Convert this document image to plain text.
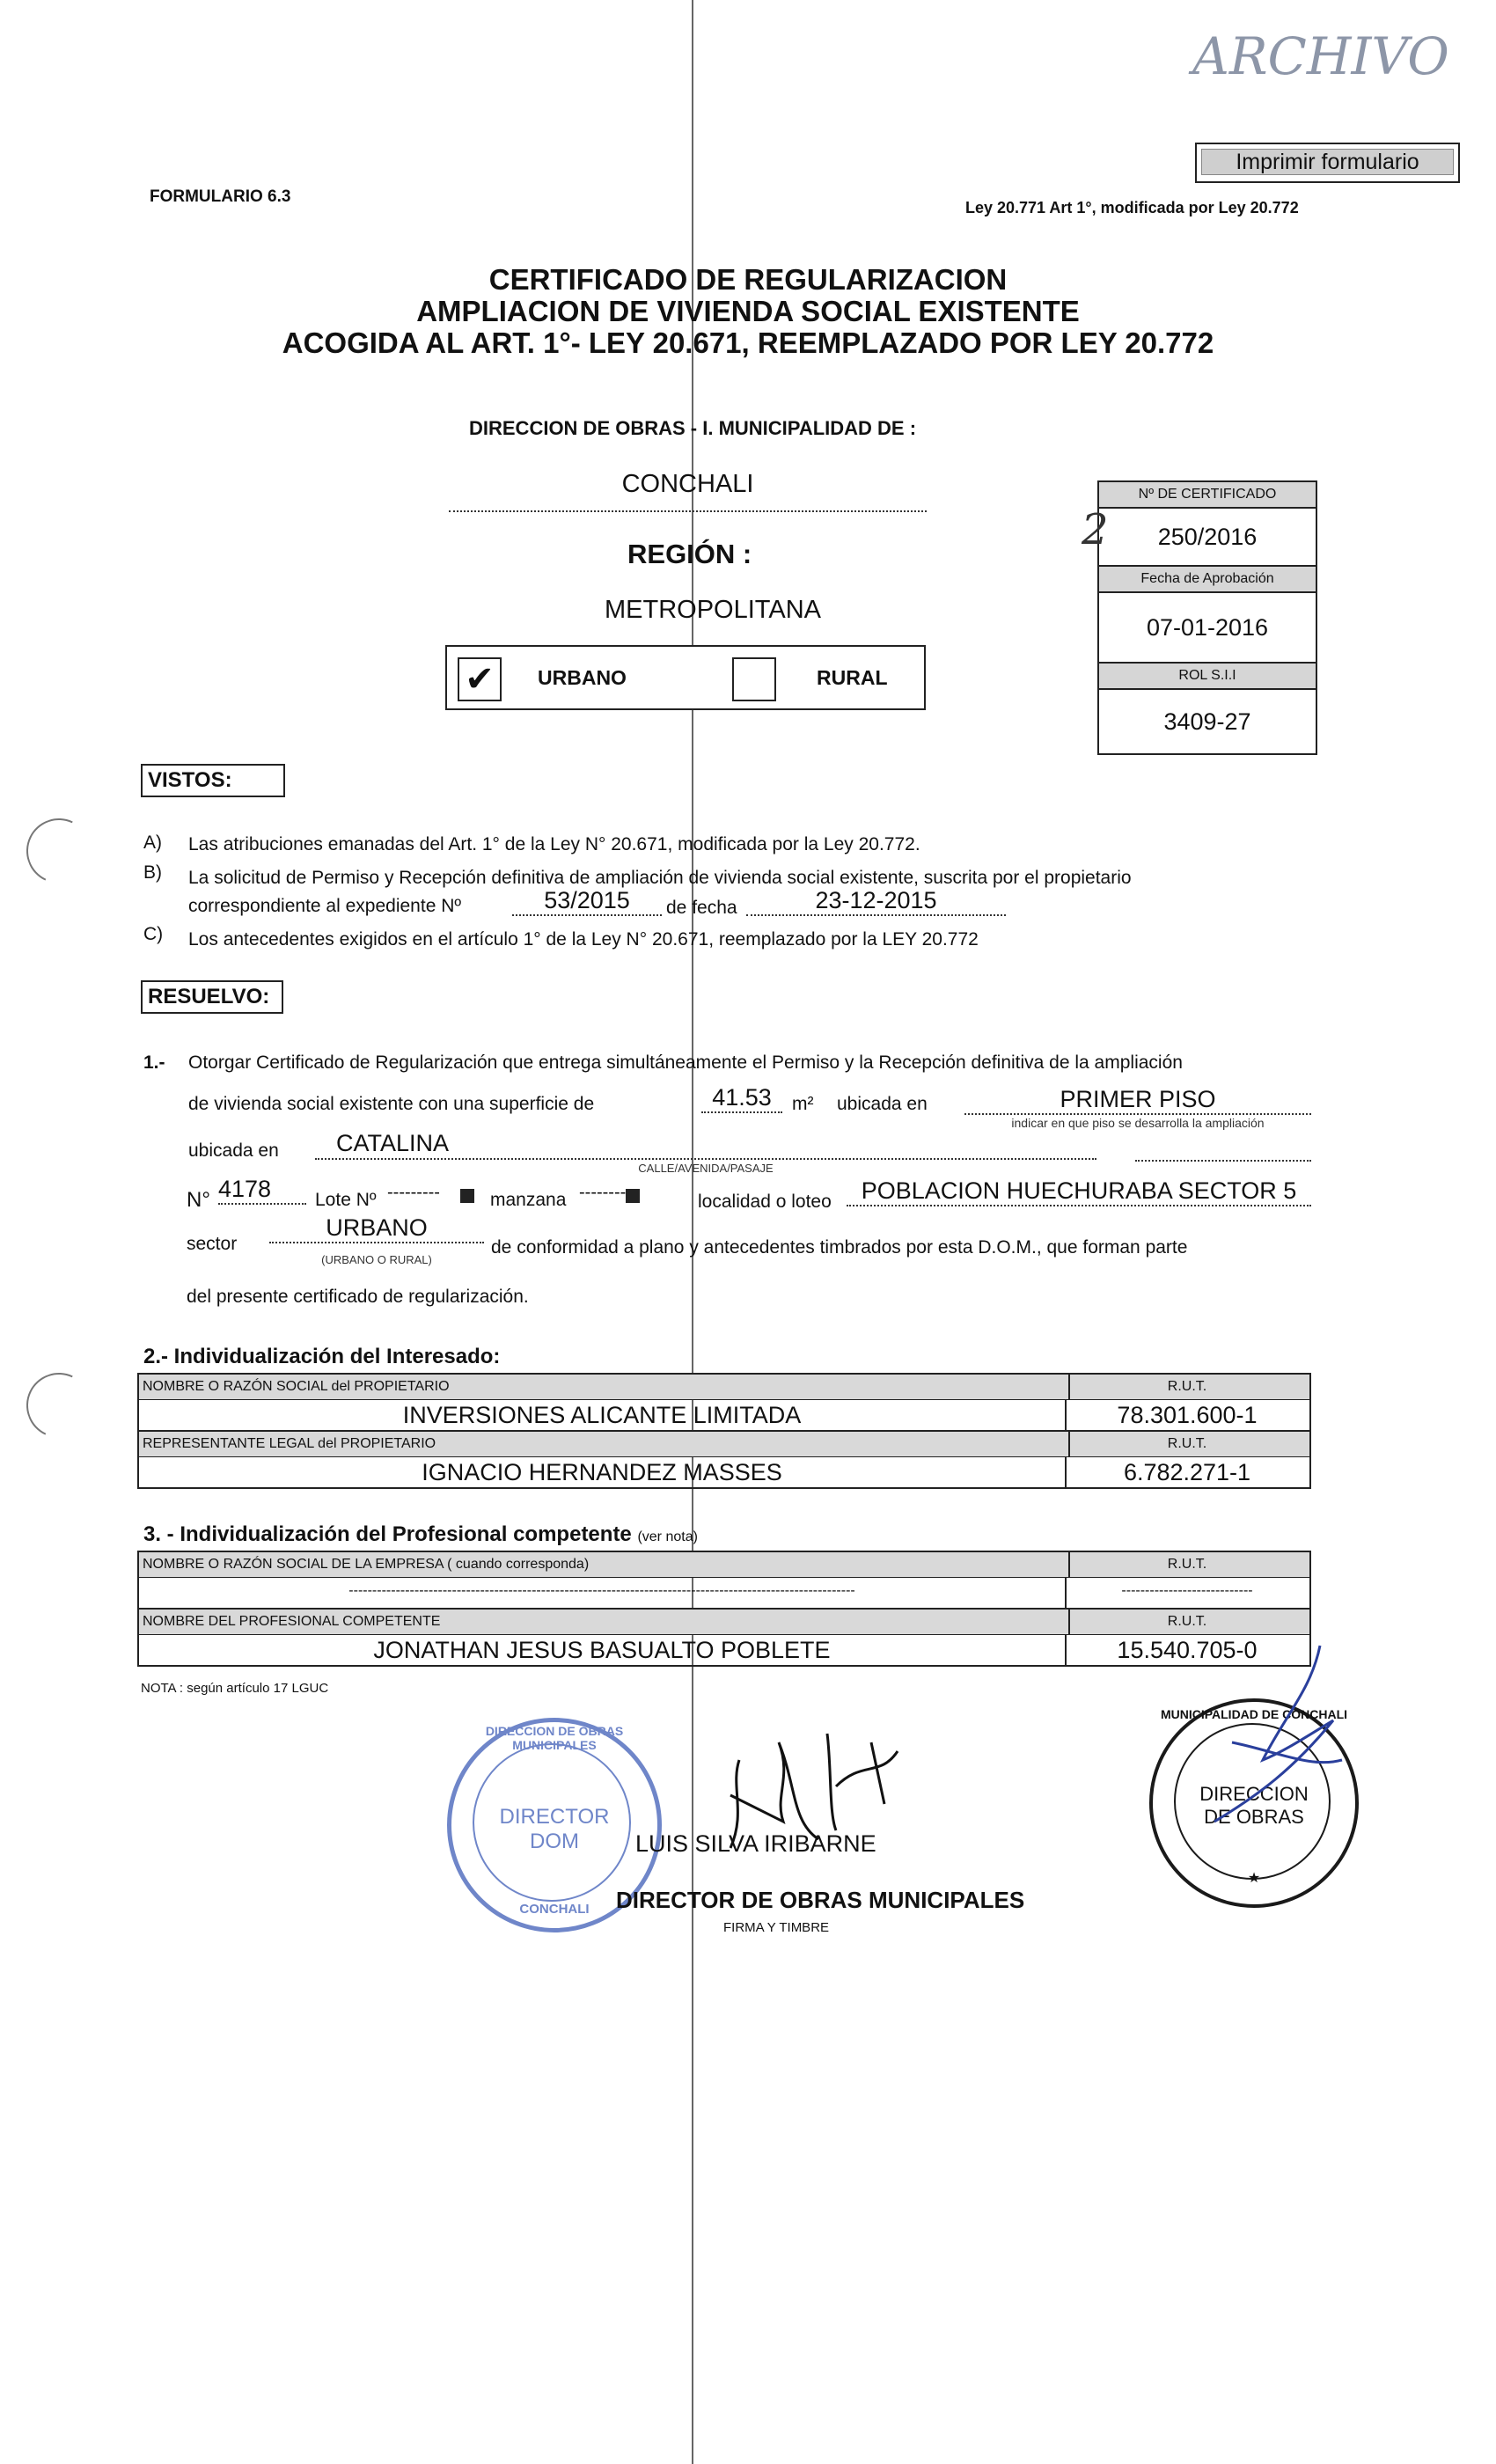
ARCHIVO
Imprimir formulario
FORMULARIO 6.3
Ley 20.771 Art 1°, modificada por Ley 20.772
CERTIFICADO DE REGULARIZACION
AMPLIACION DE VIVIENDA SOCIAL EXISTENTE
ACOGIDA AL ART. 1°- LEY 20.671, REEMPLAZADO POR LEY 20.772
DIRECCION DE OBRAS - I. MUNICIPALIDAD DE :
CONCHALI
REGIÓN :
METROPOLITANA
✔	URBANO	RURAL
Nº DE CERTIFICADO
2 250/2016
Fecha de Aprobación
07-01-2016
ROL S.I.I
3409-27
VISTOS:
A) Las atribuciones emanadas del Art. 1° de la Ley N° 20.671, modificada por la Ley 20.772.
B) La solicitud de Permiso y Recepción definitiva de ampliación de vivienda social existente, suscrita por el propietario
correspondiente al expediente Nº	53/2015	de fecha	23-12-2015
C) Los antecedentes exigidos en el artículo 1° de la Ley N° 20.671, reemplazado por la LEY 20.772
RESUELVO:
1.- Otorgar Certificado de Regularización que entrega simultáneamente el Permiso y la Recepción definitiva de la ampliación
de vivienda social existente con una superficie de	41.53	m² ubicada en	PRIMER PISO
indicar en que piso se desarrolla la ampliación
ubicada en	CATALINA
CALLE/AVENIDA/PASAJE
N° 4178	Lote Nº ---------	manzana --------	localidad o loteo	POBLACION HUECHURABA SECTOR 5
sector
URBANO
(URBANO O RURAL)
de conformidad a plano y antecedentes timbrados por esta D.O.M., que forman parte
del presente certificado de regularización.
2.- Individualización del Interesado:
NOMBRE O RAZÓN SOCIAL del PROPIETARIO	R.U.T.
INVERSIONES ALICANTE LIMITADA	78.301.600-1
REPRESENTANTE LEGAL del PROPIETARIO	R.U.T.
IGNACIO HERNANDEZ MASSES	6.782.271-1
3. - Individualización del Profesional competente (ver nota)
NOMBRE O RAZÓN SOCIAL DE LA EMPRESA ( cuando corresponda)	R.U.T.
------------------------------------------------------------------------------------------------------------	----------------------------
NOMBRE DEL PROFESIONAL COMPETENTE	R.U.T.
JONATHAN JESUS BASUALTO POBLETE	15.540.705-0
NOTA : según artículo 17 LGUC
DIRECCION DE OBRAS MUNICIPALES
DIRECTOR
DOM
CONCHALI
LUIS SILVA IRIBARNE
DIRECTOR DE OBRAS MUNICIPALES
FIRMA Y TIMBRE
MUNICIPALIDAD DE CONCHALI
DIRECCION
DE OBRAS
★
